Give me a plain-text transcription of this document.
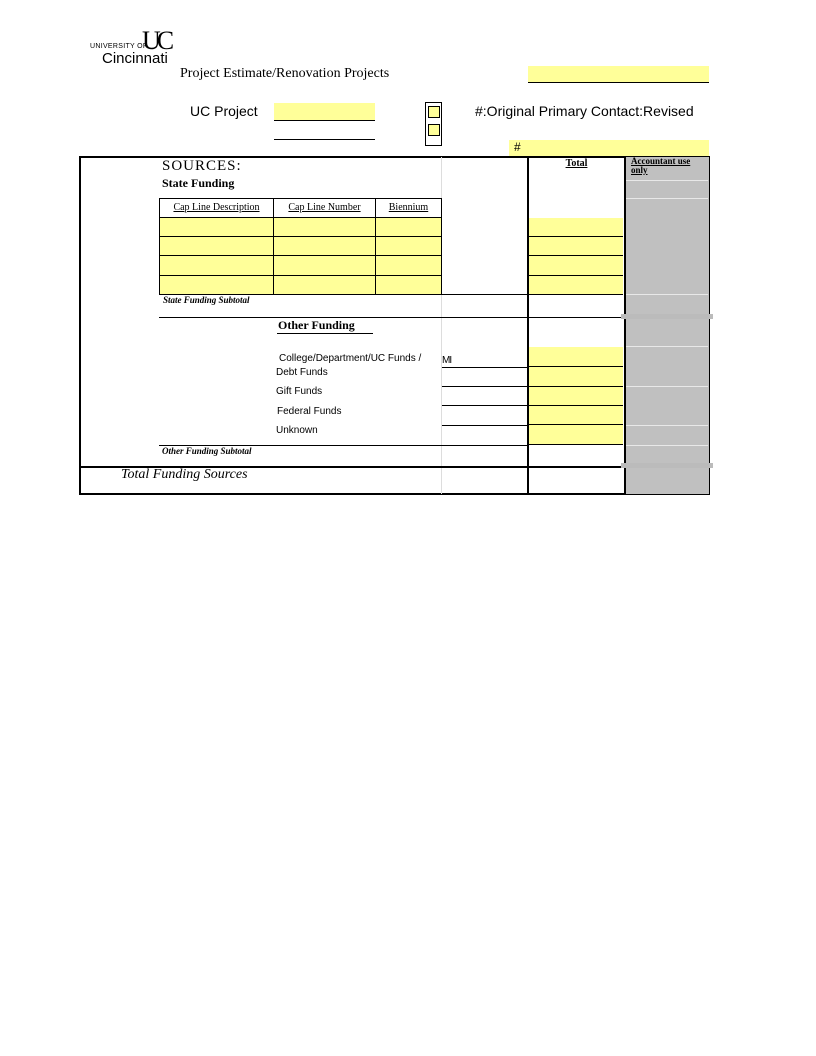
UC
UNIVERSITY OF
Cincinnati
Project Estimate/Renovation Projects
UC Project	#:Original Primary Contact:Revised
#
SOURCES:
State Funding
Total	Accountant use only
Cap Line Description	Cap Line Number	Biennium
State Funding Subtotal
Other Funding
College/Department/UC Funds / MI
Debt Funds
Gift Funds
Federal Funds
Unknown
Other Funding Subtotal
Total Funding Sources
